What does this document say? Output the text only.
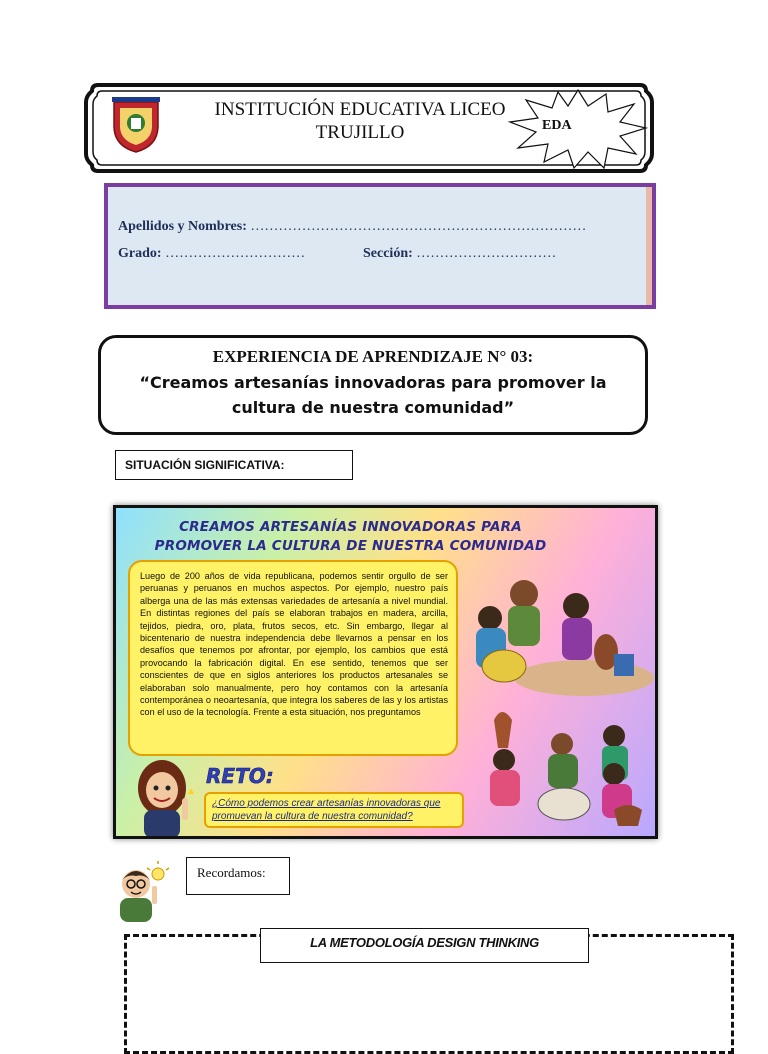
INSTITUCIÓN EDUCATIVA LICEO TRUJILLO	EDA
Apellidos y Nombres: ………………………………………………………………
Grado: …………………………	Sección: …………………………
EXPERIENCIA DE APRENDIZAJE N° 03:
“Creamos artesanías innovadoras para promover la cultura de nuestra comunidad”
SITUACIÓN SIGNIFICATIVA:
CREAMOS ARTESANÍAS INNOVADORAS PARA PROMOVER LA CULTURA DE NUESTRA COMUNIDAD
Luego de 200 años de vida republicana, podemos sentir orgullo de ser peruanas y peruanos en muchos aspectos. Por ejemplo, nuestro país alberga una de las más extensas variedades de artesanía a nivel mundial. En distintas regiones del país se elaboran trabajos en madera, arcilla, tejidos, piedra, oro, plata, frutos secos, etc. Sin embargo, llegar al bicentenario de nuestra independencia debe llevarnos a pensar en los desafíos que tenemos por afrontar, por ejemplo, los cambios que está provocando la fabricación digital. En ese sentido, tenemos que ser conscientes de que en siglos anteriores los productos artesanales se elaboraban solo manualmente, pero hoy contamos con la artesanía contemporánea o neoartesanía, que integra los saberes de las y los artistas con el uso de la tecnología. Frente a esta situación, nos preguntamos
RETO:
¿Cómo podemos crear artesanías innovadoras que promuevan la cultura de nuestra comunidad?
Recordamos:
LA METODOLOGÍA DESIGN THINKING
